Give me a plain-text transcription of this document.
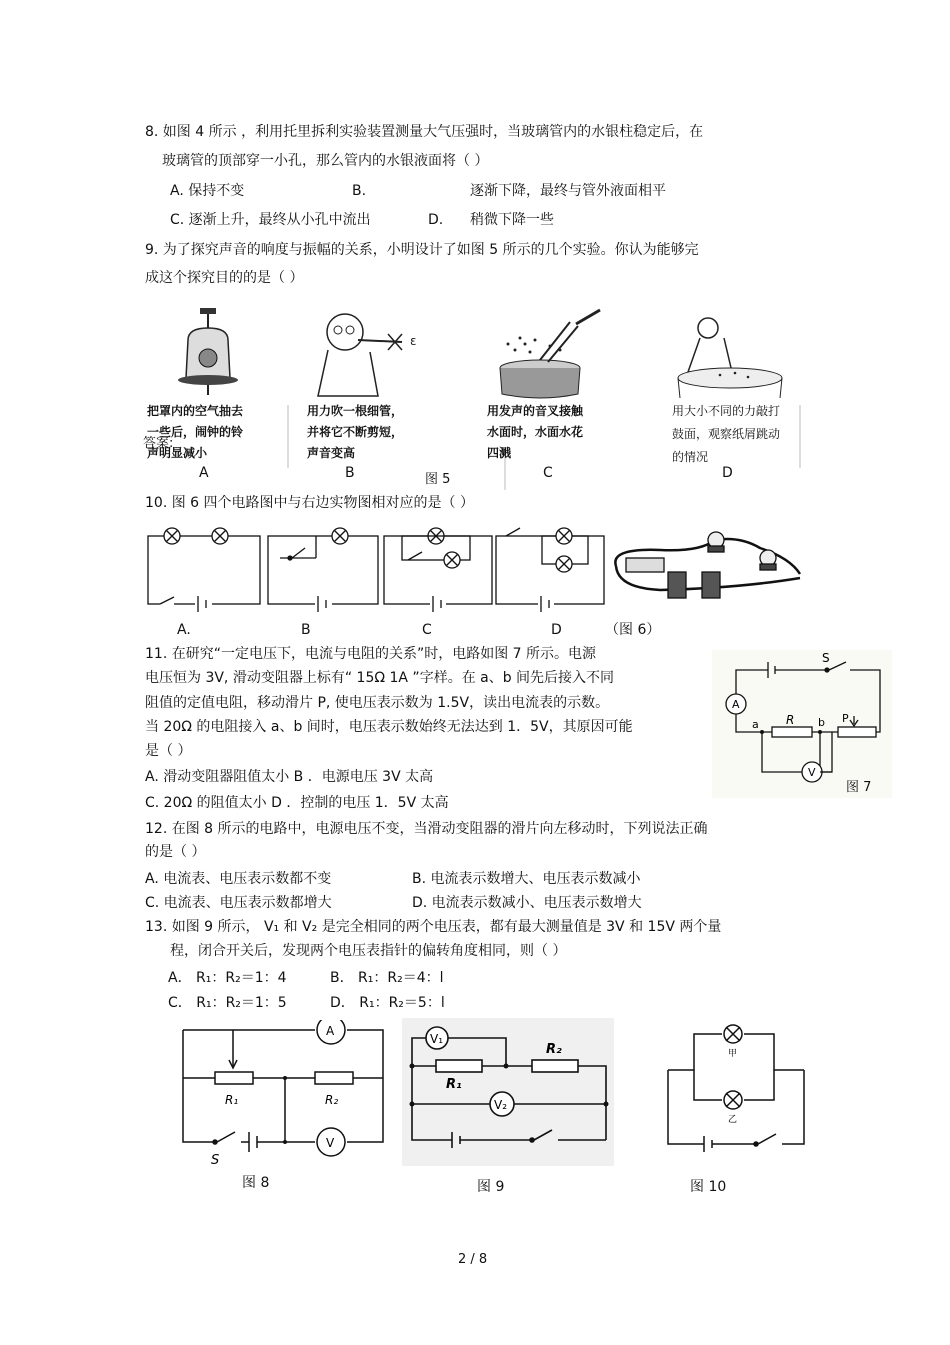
8. 如图 4 所示 ，利用托里拆利实验装置测量大气压强时，当玻璃管内的水银柱稳定后，在
玻璃管的顶部穿一小孔，那么管内的水银液面将（ ）
A. 保持不变	B.	逐渐下降，最终与管外液面相平
C. 逐渐上升，最终从小孔中流出	D. 稍微下降一些
9. 为了探究声音的响度与振幅的关系，小明设计了如图 5 所示的几个实验。你认为能够完
成这个探究目的的是（ ）
ε
把罩内的空气抽去
一些后，闹钟的铃
声明显减小
用力吹一根细管，
并将它不断剪短，
声音变高
用发声的音叉接触
水面时，水面水花
四溅
用大小不同的力敲打
鼓面，观察纸屑跳动
的情况
答案:
A	B	图 5	C	D
10. 图 6 四个电路图中与右边实物图相对应的是（ ）
A.	B	C	D	（图 6）
11. 在研究“一定电压下，电流与电阻的关系”时，电路如图 7 所示。电源
电压恒为 3V, 滑动变阻器上标有“ 15Ω 1A ”字样。在 a、b 间先后接入不同
阻值的定值电阻，移动滑片 P, 使电压表示数为 1.5V，读出电流表的示数。
当 20Ω 的电阻接入 a、b 间时，电压表示数始终无法达到 1．5V，其原因可能
是（ ）
A. 滑动变阻器阻值太小 B ．电源电压 3V 太高
C. 20Ω 的阻值太小 D ．控制的电压 1．5V 太高
S
A
a R b P
V
图 7
12. 在图 8 所示的电路中，电源电压不变，当滑动变阻器的滑片向左移动时，下列说法正确
的是（ ）
A. 电流表、电压表示数都不变	B. 电流表示数增大、电压表示数减小
C. 电流表、电压表示数都增大	D. 电流表示数减小、电压表示数增大
13. 如图 9 所示， V₁ 和 V₂ 是完全相同的两个电压表，都有最大测量值是 3V 和 15V 两个量
程，闭合开关后，发现两个电压表指针的偏转角度相同，则（ ）
A． R₁：R₂＝1：4	B． R₁：R₂＝4：l
C． R₁：R₂＝1：5	D． R₁：R₂＝5：l
A
R₁	R₂
V
S
图 8
V₁
R₂
R₁
V₂
图 9
甲
乙
图 10
2 / 8
